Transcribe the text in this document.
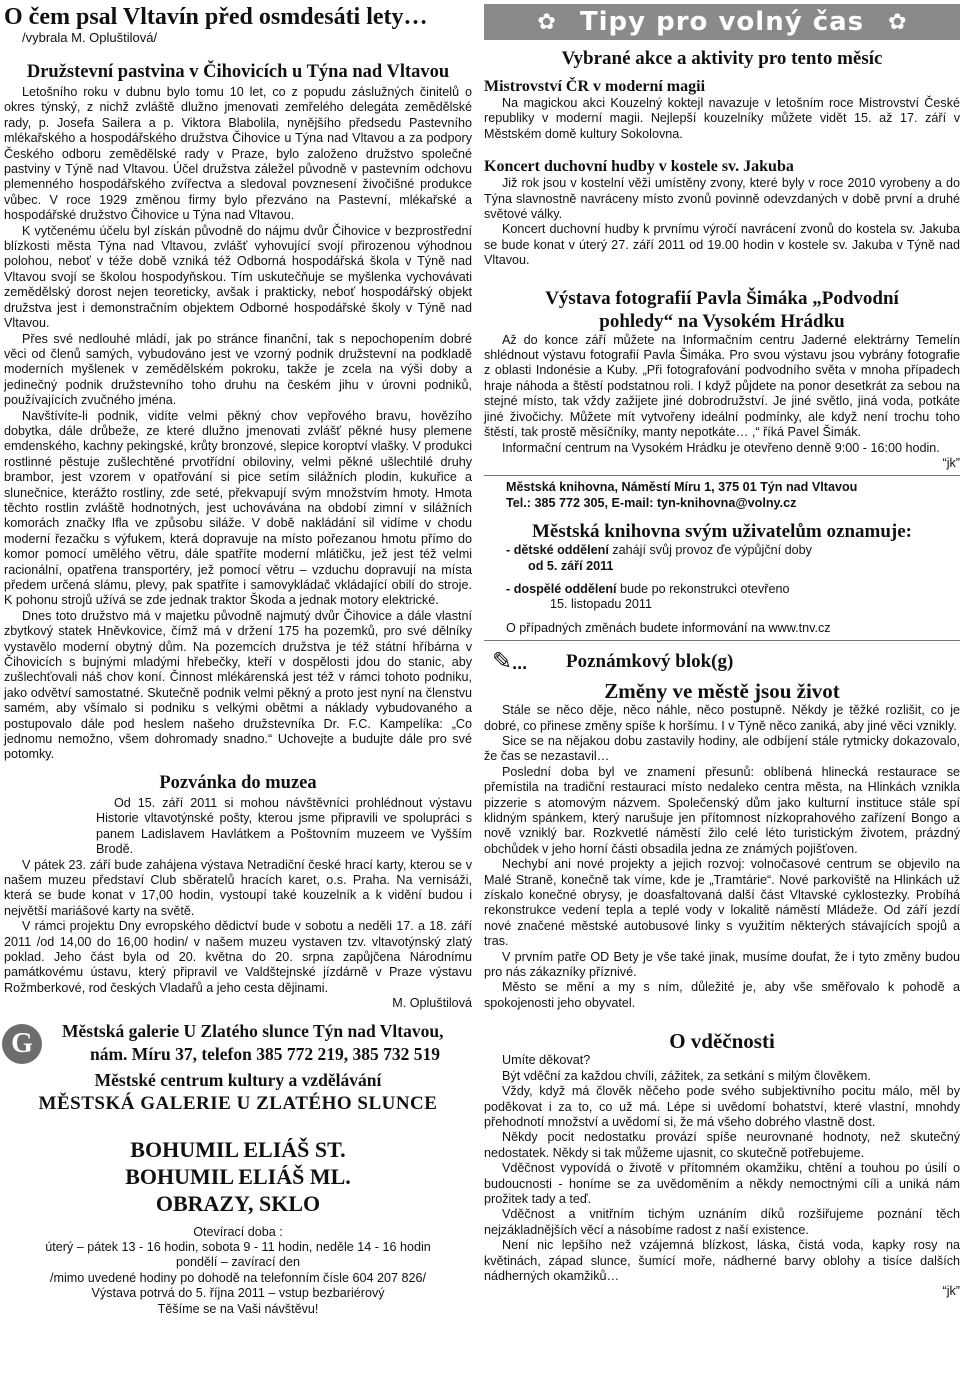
O čem psal Vltavín před osmdesáti lety…
/vybrala M. Opluštilová/
Družstevní pastvina v Čihovicích u Týna nad Vltavou

Letošního roku v dubnu bylo tomu 10 let, co z popudu záslužných činitelů o okres týnský, z nichž zvláště dlužno jmenovati zemřelého delegáta zemědělské rady, p. Josefa Sailera a p. Viktora Blabolila, nynějšího předsedu Pastevního mlékařského a hospodářského družstva Čihovice u Týna nad Vltavou a za podpory Českého odboru zemědělské rady v Praze, bylo založeno družstvo společné pastviny v Týně nad Vltavou. Účel družstva záležel původně v pastevním odchovu plemenného hospodářského zvířectva a sledoval povznesení živočišné produkce vůbec. V roce 1929 změnou firmy bylo přezváno na Pastevní, mlékařské a hospodářské družstvo Čihovice u Týna nad Vltavou.

K vytčenému účelu byl získán původně do nájmu dvůr Čihovice v bezprostřední blízkosti města Týna nad Vltavou, zvlášť vyhovující svojí přirozenou výhodnou polohou, neboť v téže době vzniká též Odborná hospodářská škola v Týně nad Vltavou svojí se školou hospodyňskou. Tím uskutečňuje se myšlenka vychovávati zemědělský dorost nejen teoreticky, avšak i prakticky, neboť hospodářský objekt družstva jest i demonstračním objektem Odborné hospodářské školy v Týně nad Vltavou.

Přes své nedlouhé mládí, jak po stránce finanční, tak s nepochopením dobré věci od členů samých, vybudováno jest ve vzorný podnik družstevní na podkladě moderních myšlenek v zemědělském pokroku, takže je zcela na výši doby a jedinečný podnik družstevního toho druhu na českém jihu v úrovni podniků, používajících zvučného jména.

Navštívíte-li podnik, vidíte velmi pěkný chov vepřového bravu, hovězího dobytka, dále drůbeže, ze které dlužno jmenovati zvlášť pěkné husy plemene emdenského, kachny pekingské, krůty bronzové, slepice koroptví vlašky. V produkci rostlinné pěstuje zušlechtěné prvotřídní obiloviny, velmi pěkné ušlechtilé druhy brambor, jest vzorem v opatřování si pice setím silážních plodin, kukuřice a slunečnice, kterážto rostliny, zde seté, překvapují svým množstvím hmoty. Hmota těchto rostlin zvláště hodnotných, jest uchovávána na období zimní v silážních komorách značky Ifla ve způsobu siláže. V době nakládání sil vidíme v chodu moderní řezačku s výfukem, která dopravuje na místo pořezanou hmotu přímo do komor pomocí umělého větru, dále spatříte moderní mlátičku, jež jest též velmi racionální, opatřena transportéry, jež pomocí větru – vzduchu dopravují na místa předem určená slámu, plevy, pak spatříte i samovykládač vkládající obilí do stroje. K pohonu strojů užívá se zde jednak traktor Škoda a jednak motory elektrické.

Dnes toto družstvo má v majetku původně najmutý dvůr Čihovice a dále vlastní zbytkový statek Hněvkovice, čímž má v držení 175 ha pozemků, pro své dělníky vystavělo moderní obytný dům. Na pozemcích družstva je též státní hříbárna v Čihovicích s bujnými mladými hřebečky, kteří v dospělosti jdou do stanic, aby zušlechťovali náš chov koní. Činnost mlékárenská jest též v rámci tohoto podniku, jako odvětví samostatné. Skutečně podnik velmi pěkný a proto jest nyní na členstvu samém, aby všímalo si podniku s velkými obětmi a náklady vybudovaného a postupovalo dále pod heslem našeho družstevníka Dr. F.C. Kampelíka: „Co jednomu nemožno, všem dohromady snadno.“ Uchovejte a budujte dále pro své potomky.

Pozvánka do muzea

Od 15. září 2011 si mohou návštěvníci prohlédnout výstavu Historie vltavotýnské pošty, kterou jsme připravili ve spolupráci s panem Ladislavem Havlátkem a Poštovním muzeem ve Vyšším Brodě.

V pátek 23. září bude zahájena výstava Netradiční české hrací karty, kterou se v našem muzeu představí Club sběratelů hracích karet, o.s. Praha. Na vernisáži, která se bude konat v 17,00 hodin, vystoupí také kouzelník a k vidění budou i největší mariášové karty na světě.

V rámci projektu Dny evropského dědictví bude v sobotu a neděli 17. a 18. září 2011 /od 14,00 do 16,00 hodin/ v našem muzeu vystaven tzv. vltavotýnský zlatý poklad. Jeho část byla od 20. května do 20. srpna zapůjčena Národnímu památkovému ústavu, který připravil ve Valdštejnské jízdárně v Praze výstavu Rožmberkové, rod českých Vladařů a jeho cesta dějinami.

M. Opluštilová

G	Městská galerie U Zlatého slunce Týn nad Vltavou,
nám. Míru 37, telefon 385 772 219, 385 732 519
Městské centrum kultury a vzdělávání
MĚSTSKÁ GALERIE U ZLATÉHO SLUNCE
BOHUMIL ELIÁŠ ST.
BOHUMIL ELIÁŠ ML.
OBRAZY, SKLO
Otevírací doba :
úterý – pátek 13 - 16 hodin, sobota 9 - 11 hodin, neděle 14 - 16 hodin
pondělí – zavírací den
/mimo uvedené hodiny po dohodě na telefonním čísle 604 207 826/
Výstava potrvá do 5. října 2011 – vstup bezbariérový
Těšíme se na Vaši návštěvu!
✿ Tipy pro volný čas ✿
Vybrané akce a aktivity pro tento měsíc
Mistrovství ČR v moderní magii

Na magickou akci Kouzelný koktejl navazuje v letošním roce Mistrovství České republiky v moderní magii. Nejlepší kouzelníky můžete vidět 15. až 17. září v Městském domě kultury Sokolovna.

Koncert duchovní hudby v kostele sv. Jakuba

Již rok jsou v kostelní věži umístěny zvony, které byly v roce 2010 vyrobeny a do Týna slavnostně navráceny místo zvonů povinně odevzdaných v době první a druhé světové války.

Koncert duchovní hudby k prvnímu výročí navrácení zvonů do kostela sv. Jakuba se bude konat v úterý 27. září 2011 od 19.00 hodin v kostele sv. Jakuba v Týně nad Vltavou.

Výstava fotografií Pavla Šimáka „Podvodní
pohledy“ na Vysokém Hrádku

Až do konce září můžete na Informačním centru Jaderné elektrárny Temelín shlédnout výstavu fotografií Pavla Šimáka. Pro svou výstavu jsou vybrány fotografie z oblasti Indonésie a Kuby. „Při fotografování podvodního světa v mnoha případech hraje náhoda a štěstí podstatnou roli. I když půjdete na ponor desetkrát za sebou na stejné místo, tak vždy zažijete jiné dobrodružství. Je jiné světlo, jiná voda, potkáte jiné živočichy. Můžete mít vytvořeny ideální podmínky, ale když není trochu toho štěstí, tak prostě měsíčníky, manty nepotkáte… ,“ říká Pavel Šimák.

Informační centrum na Vysokém Hrádku je otevřeno denně 9:00 - 16:00 hodin.

“jk”

Městská knihovna, Náměstí Míru 1, 375 01 Týn nad Vltavou
Tel.: 385 772 305, E-mail: tyn-knihovna@volny.cz
Městská knihovna svým uživatelům oznamuje:
- dětské oddělení zahájí svůj provoz ďe výpůjční doby
od 5. září 2011
- dospělé oddělení bude po rekonstrukci otevřeno
15. listopadu 2011
O případných změnách budete informování na www.tnv.cz
✎... Poznámkový blok(g)
Změny ve městě jsou život

Stále se něco děje, něco náhle, něco postupně. Někdy je těžké rozlišit, co je dobré, co přinese změny spíše k horšímu. I v Týně něco zaniká, aby jiné věci vznikly.

Sice se na nějakou dobu zastavily hodiny, ale odbíjení stále rytmicky dokazovalo, že čas se nezastavil…

Poslední doba byl ve znamení přesunů: oblíbená hlinecká restaurace se přemístila na tradiční restauraci místo nedaleko centra města, na Hlinkách vznikla pizzerie s atomovým názvem. Společenský dům jako kulturní instituce stále spí klidným spánkem, který narušuje jen přítomnost nízkoprahového zařízení Bongo a nově vzniklý bar. Rozkvetlé náměstí žilo celé léto turistickým životem, prázdný obchůdek v jeho horní části obsadila jedna ze známých pojišťoven.

Nechybí ani nové projekty a jejich rozvoj: volnočasové centrum se objevilo na Malé Straně, konečně tak víme, kde je „Tramtárie“. Nové parkoviště na Hlinkách už získalo konečné obrysy, je doasfaltovaná další část Vltavské cyklostezky. Probíhá rekonstrukce vedení tepla a teplé vody v lokalitě náměstí Mládeže. Od září jezdí nové značené městské autobusové linky s využitím některých stávajících spojů a tras.

V prvním patře OD Bety je vše také jinak, musíme doufat, že i tyto změny budou pro nás zákazníky příznivé.

Město se mění a my s ním, důležité je, aby vše směřovalo k pohodě a spokojenosti jeho obyvatel.

O vděčnosti

Umíte děkovat?

Být vděční za každou chvíli, zážitek, za setkání s milým člověkem.

Vždy, když má člověk něčeho pode svého subjektivního pocitu málo, měl by poděkovat i za to, co už má. Lépe si uvědomí bohatství, které vlastní, mnohdy přehodnotí množství a uvědomí si, že má všeho dobrého vlastně dost.

Někdy pocit nedostatku provází spíše neurovnané hodnoty, než skutečný nedostatek. Někdy si tak můžeme ujasnit, co skutečně potřebujeme.

Vděčnost vypovídá o životě v přítomném okamžiku, chtění a touhou po úsilí o budoucnosti - honíme se za uvědoměním a někdy nemoctnými cíli a uniká nám prožitek tady a teď.

Vděčnost a vnitřním tichým uznáním díků rozšiřujeme poznání těch nejzákladnějších věcí a násobíme radost z naší existence.

Není nic lepšího než vzájemná blízkost, láska, čistá voda, kapky rosy na květinách, západ slunce, šumící moře, nádherné barvy oblohy a tisíce dalších nádherných okamžiků…

“jk”
